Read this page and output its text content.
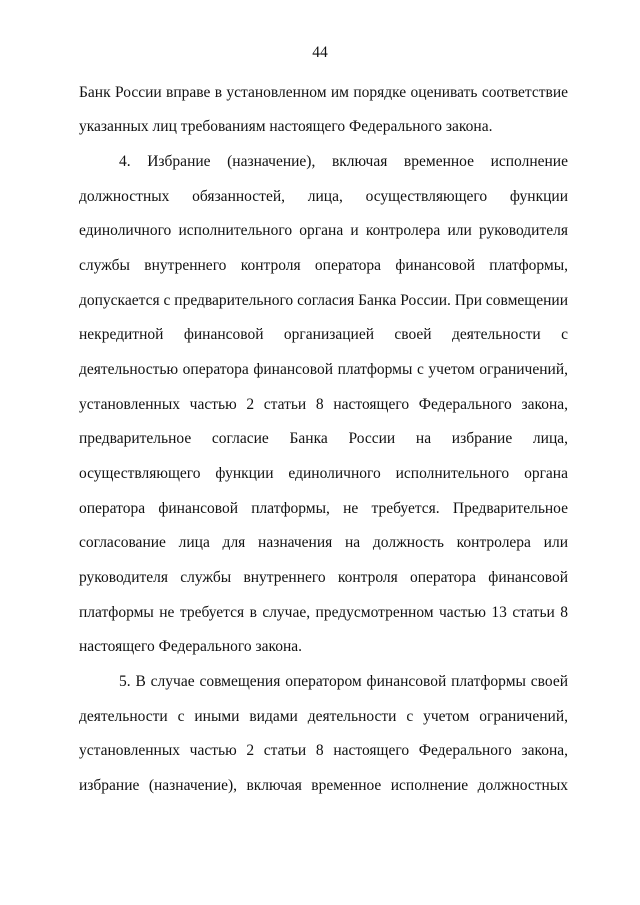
44
Банк России вправе в установленном им порядке оценивать соответствие
указанных лиц требованиям настоящего Федерального закона.
4. Избрание (назначение), включая временное исполнение
должностных обязанностей, лица, осуществляющего функции
единоличного исполнительного органа и контролера или руководителя
службы внутреннего контроля оператора финансовой платформы,
допускается с предварительного согласия Банка России. При совмещении
некредитной финансовой организацией своей деятельности с
деятельностью оператора финансовой платформы с учетом ограничений,
установленных частью 2 статьи 8 настоящего Федерального закона,
предварительное согласие Банка России на избрание лица,
осуществляющего функции единоличного исполнительного органа
оператора финансовой платформы, не требуется. Предварительное
согласование лица для назначения на должность контролера или
руководителя службы внутреннего контроля оператора финансовой
платформы не требуется в случае, предусмотренном частью 13 статьи 8
настоящего Федерального закона.
5. В случае совмещения оператором финансовой платформы своей
деятельности с иными видами деятельности с учетом ограничений,
установленных частью 2 статьи 8 настоящего Федерального закона,
избрание (назначение), включая временное исполнение должностных
